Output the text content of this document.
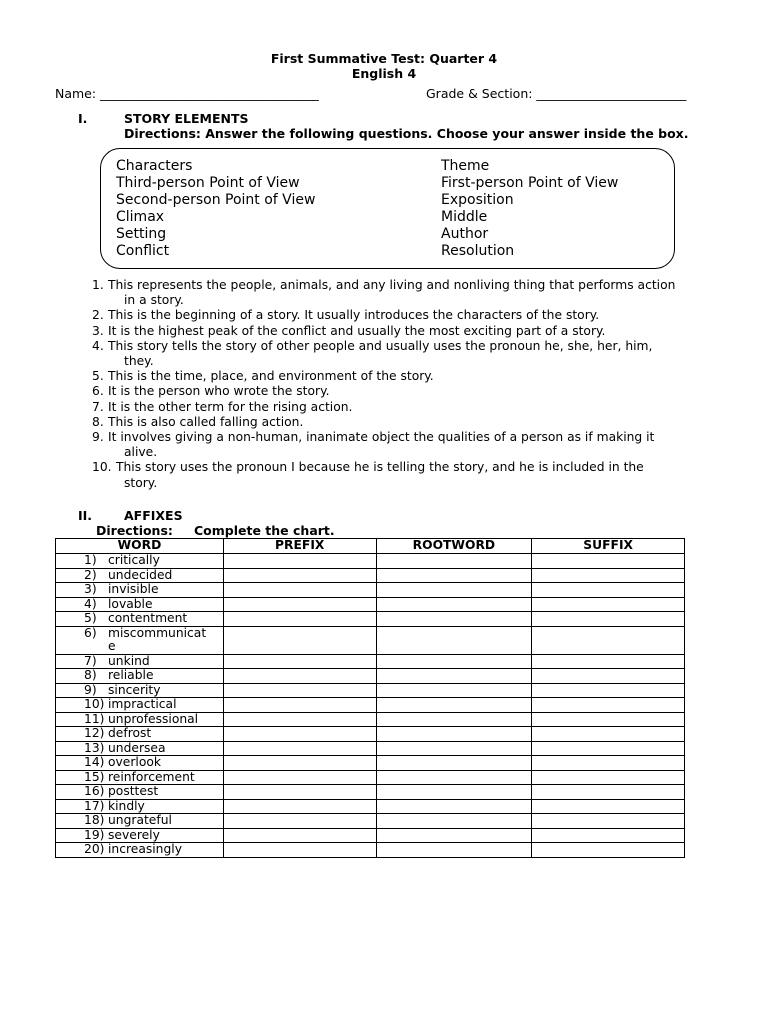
First Summative Test: Quarter 4
English 4
Name: ___________________________________	Grade & Section: ________________________
I.	STORY ELEMENTS
Directions: Answer the following questions. Choose your answer inside the box.
Characters
Third-person Point of View
Second-person Point of View
Climax
Setting
Conflict
Theme
First-person Point of View
Exposition
Middle
Author
Resolution
1. This represents the people, animals, and any living and nonliving thing that performs action
in a story.
2. This is the beginning of a story. It usually introduces the characters of the story.
3. It is the highest peak of the conflict and usually the most exciting part of a story.
4. This story tells the story of other people and usually uses the pronoun he, she, her, him,
they.
5. This is the time, place, and environment of the story.
6. It is the person who wrote the story.
7. It is the other term for the rising action.
8. This is also called falling action.
9. It involves giving a non-human, inanimate object the qualities of a person as if making it
alive.
10. This story uses the pronoun I because he is telling the story, and he is included in the
story.
II.	AFFIXES
Directions: Complete the chart.
WORD	PREFIX	ROOTWORD	SUFFIX
1) critically			
2) undecided			
3) invisible			
4) lovable			
5) contentment			
6) miscommunicate			
7) unkind			
8) reliable			
9) sincerity			
10) impractical			
11) unprofessional			
12) defrost			
13) undersea			
14) overlook			
15) reinforcement			
16) posttest			
17) kindly			
18) ungrateful			
19) severely			
20) increasingly			
